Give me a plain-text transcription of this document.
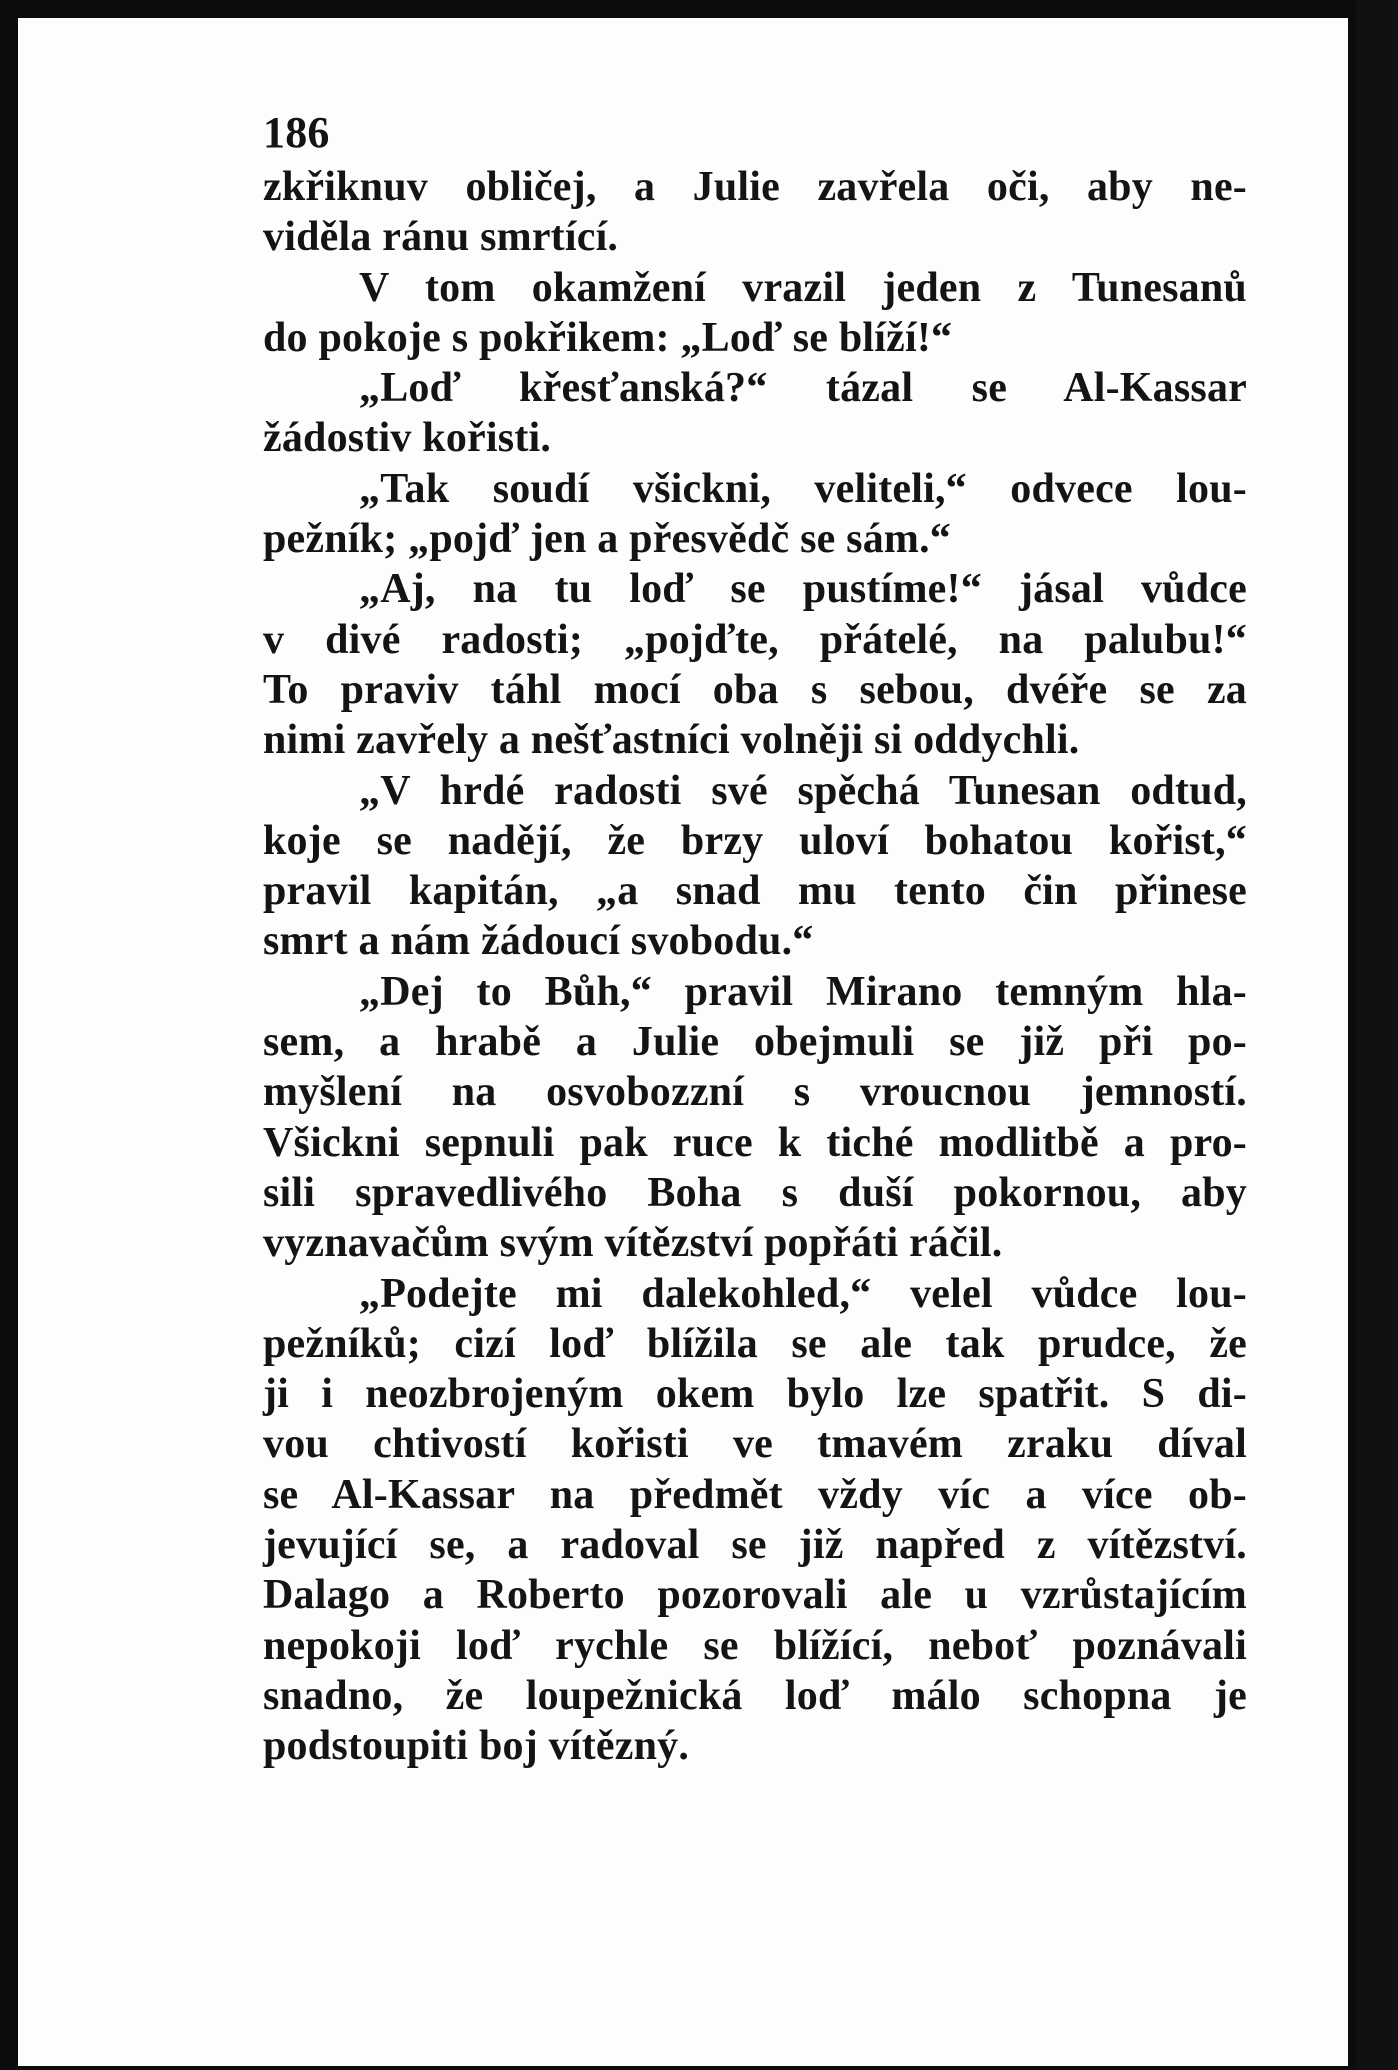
186
zkřiknuv obličej, a Julie zavřela oči, aby ne-
viděla ránu smrtící.
V tom okamžení vrazil jeden z Tunesanů
do pokoje s pokřikem: „Loď se blíží!“
„Loď křesťanská?“ tázal se Al-Kassar
žádostiv kořisti.
„Tak soudí všickni, veliteli,“ odvece lou-
pežník; „pojď jen a přesvědč se sám.“
„Aj, na tu loď se pustíme!“ jásal vůdce
v divé radosti; „pojďte, přátelé, na palubu!“
To praviv táhl mocí oba s sebou, dvéře se za
nimi zavřely a nešťastníci volněji si oddychli.
„V hrdé radosti své spěchá Tunesan odtud,
koje se nadějí, že brzy uloví bohatou kořist,“
pravil kapitán, „a snad mu tento čin přinese
smrt a nám žádoucí svobodu.“
„Dej to Bůh,“ pravil Mirano temným hla-
sem, a hrabě a Julie obejmuli se již při po-
myšlení na osvobozzní s vroucnou jemností.
Všickni sepnuli pak ruce k tiché modlitbě a pro-
sili spravedlivého Boha s duší pokornou, aby
vyznavačům svým vítězství popřáti ráčil.
„Podejte mi dalekohled,“ velel vůdce lou-
pežníků; cizí loď blížila se ale tak prudce, že
ji i neozbrojeným okem bylo lze spatřit. S di-
vou chtivostí kořisti ve tmavém zraku díval
se Al-Kassar na předmět vždy víc a více ob-
jevující se, a radoval se již napřed z vítězství.
Dalago a Roberto pozorovali ale u vzrůstajícím
nepokoji loď rychle se blížící, neboť poznávali
snadno, že loupežnická loď málo schopna je
podstoupiti boj vítězný.
